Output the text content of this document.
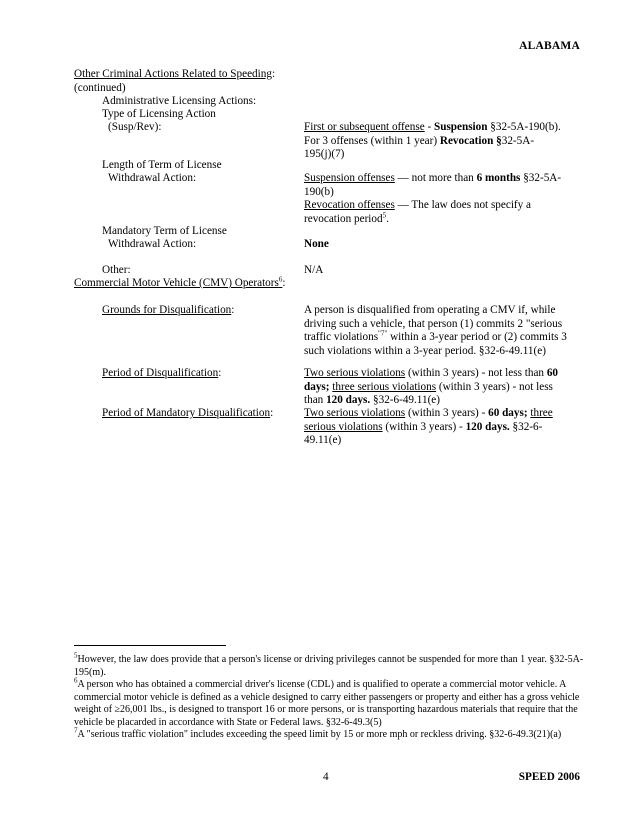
ALABAMA
Other Criminal Actions Related to Speeding:
(continued)
Administrative Licensing Actions:
Type of Licensing Action
(Susp/Rev):	First or subsequent offense - Suspension §32-5A-190(b).
For 3 offenses (within 1 year) Revocation §32-5A-
195(j)(7)
Length of Term of License
Withdrawal Action:	Suspension offenses — not more than 6 months §32-5A-
190(b)
Revocation offenses — The law does not specify a
revocation period$^5$.
Mandatory Term of License
Withdrawal Action:	None
Other:	N/A
Commercial Motor Vehicle (CMV) Operators$^6$:
Grounds for Disqualification:	A person is disqualified from operating a CMV if, while
driving such a vehicle, that person (1) commits 2 "serious
traffic violations$^{"7"}$ within a 3-year period or (2) commits 3
such violations within a 3-year period. §32-6-49.11(e)
Period of Disqualification:	Two serious violations (within 3 years) - not less than 60
days; three serious violations (within 3 years) - not less
than 120 days. §32-6-49.11(e)
Period of Mandatory Disqualification:	Two serious violations (within 3 years) - 60 days; three
serious violations (within 3 years) - 120 days. §32-6-
49.11(e)
$^5$However, the law does provide that a person's license or driving privileges cannot be suspended for more than 1 year. §32-5A-195(m).
$^6$A person who has obtained a commercial driver's license (CDL) and is qualified to operate a commercial motor vehicle. A commercial motor vehicle is defined as a vehicle designed to carry either passengers or property and either has a gross vehicle weight of ≥26,001 lbs., is designed to transport 16 or more persons, or is transporting hazardous materials that require that the vehicle be placarded in accordance with State or Federal laws. §32-6-49.3(5)
$^7$A "serious traffic violation" includes exceeding the speed limit by 15 or more mph or reckless driving. §32-6-49.3(21)(a)
4	SPEED 2006
